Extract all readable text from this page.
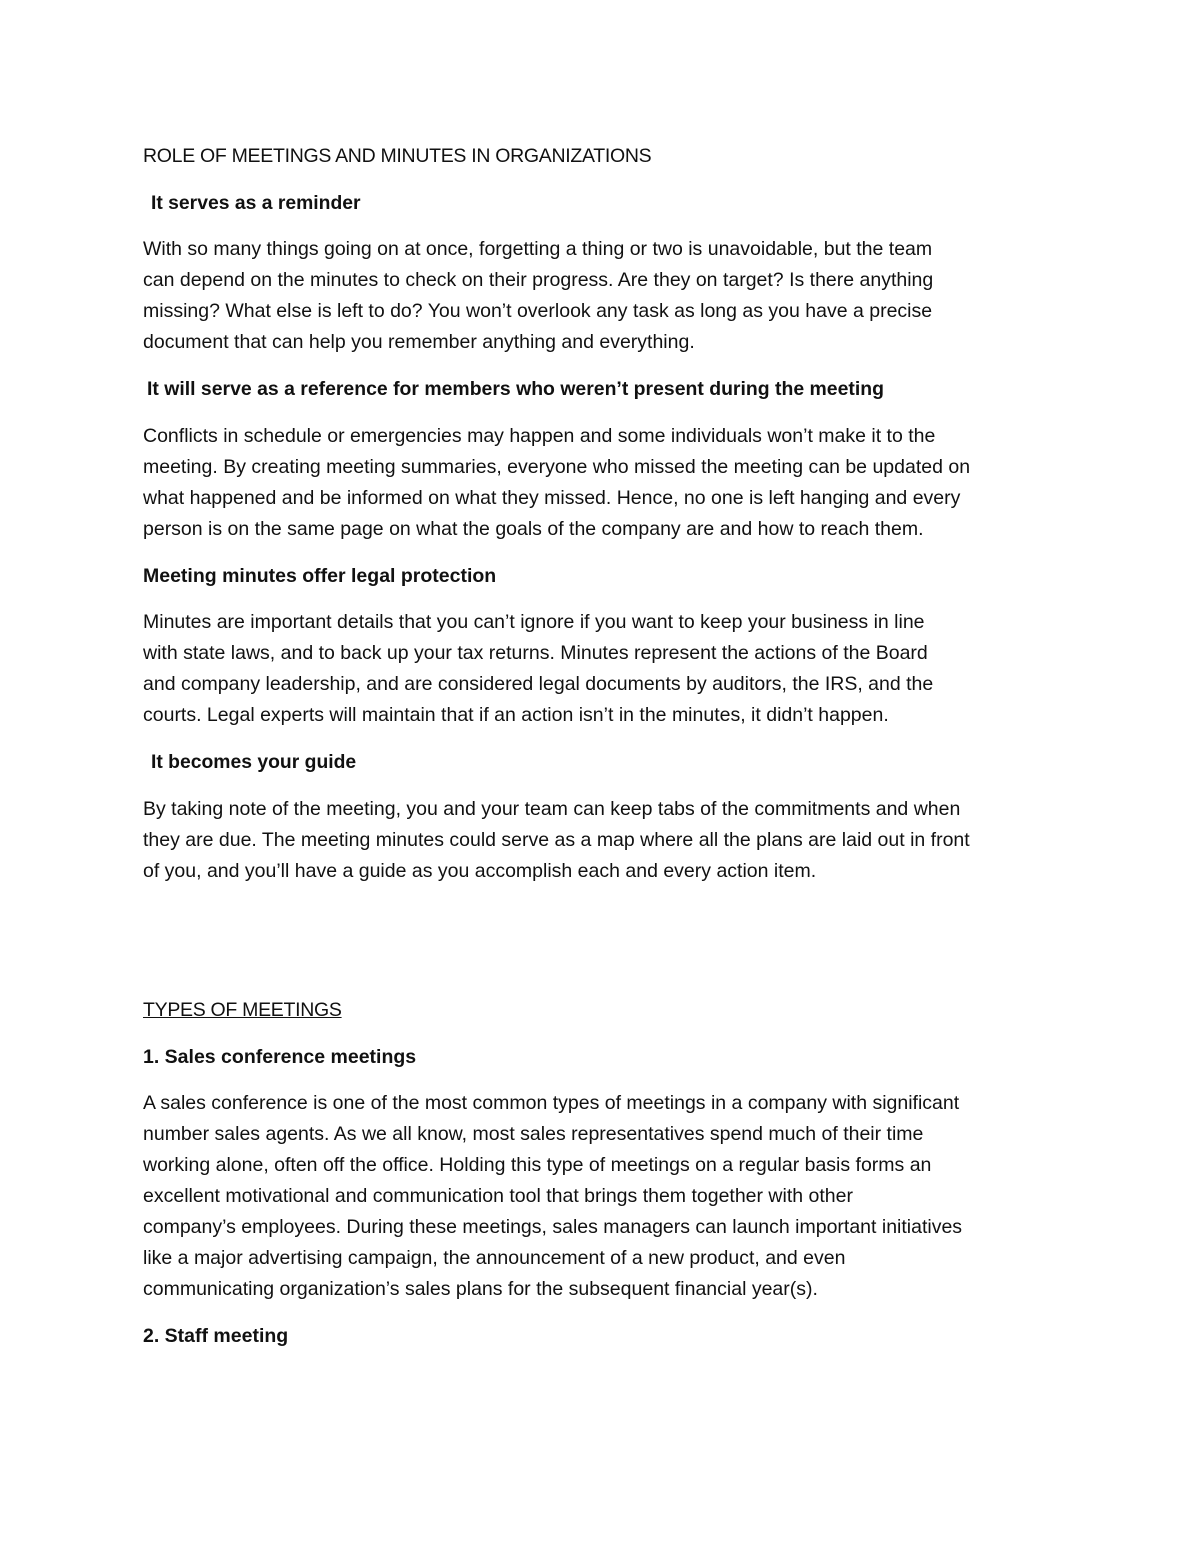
ROLE OF MEETINGS AND MINUTES IN ORGANIZATIONS

It serves as a reminder

With so many things going on at once, forgetting a thing or two is unavoidable, but the team
can depend on the minutes to check on their progress. Are they on target? Is there anything
missing? What else is left to do? You won’t overlook any task as long as you have a precise
document that can help you remember anything and everything.

It will serve as a reference for members who weren’t present during the meeting

Conflicts in schedule or emergencies may happen and some individuals won’t make it to the
meeting. By creating meeting summaries, everyone who missed the meeting can be updated on
what happened and be informed on what they missed. Hence, no one is left hanging and every
person is on the same page on what the goals of the company are and how to reach them.

Meeting minutes offer legal protection

Minutes are important details that you can’t ignore if you want to keep your business in line
with state laws, and to back up your tax returns. Minutes represent the actions of the Board
and company leadership, and are considered legal documents by auditors, the IRS, and the
courts. Legal experts will maintain that if an action isn’t in the minutes, it didn’t happen.

It becomes your guide

By taking note of the meeting, you and your team can keep tabs of the commitments and when
they are due. The meeting minutes could serve as a map where all the plans are laid out in front
of you, and you’ll have a guide as you accomplish each and every action item.

TYPES OF MEETINGS

1. Sales conference meetings

A sales conference is one of the most common types of meetings in a company with significant
number sales agents. As we all know, most sales representatives spend much of their time
working alone, often off the office. Holding this type of meetings on a regular basis forms an
excellent motivational and communication tool that brings them together with other
company’s employees. During these meetings, sales managers can launch important initiatives
like a major advertising campaign, the announcement of a new product, and even
communicating organization’s sales plans for the subsequent financial year(s).

2. Staff meeting
